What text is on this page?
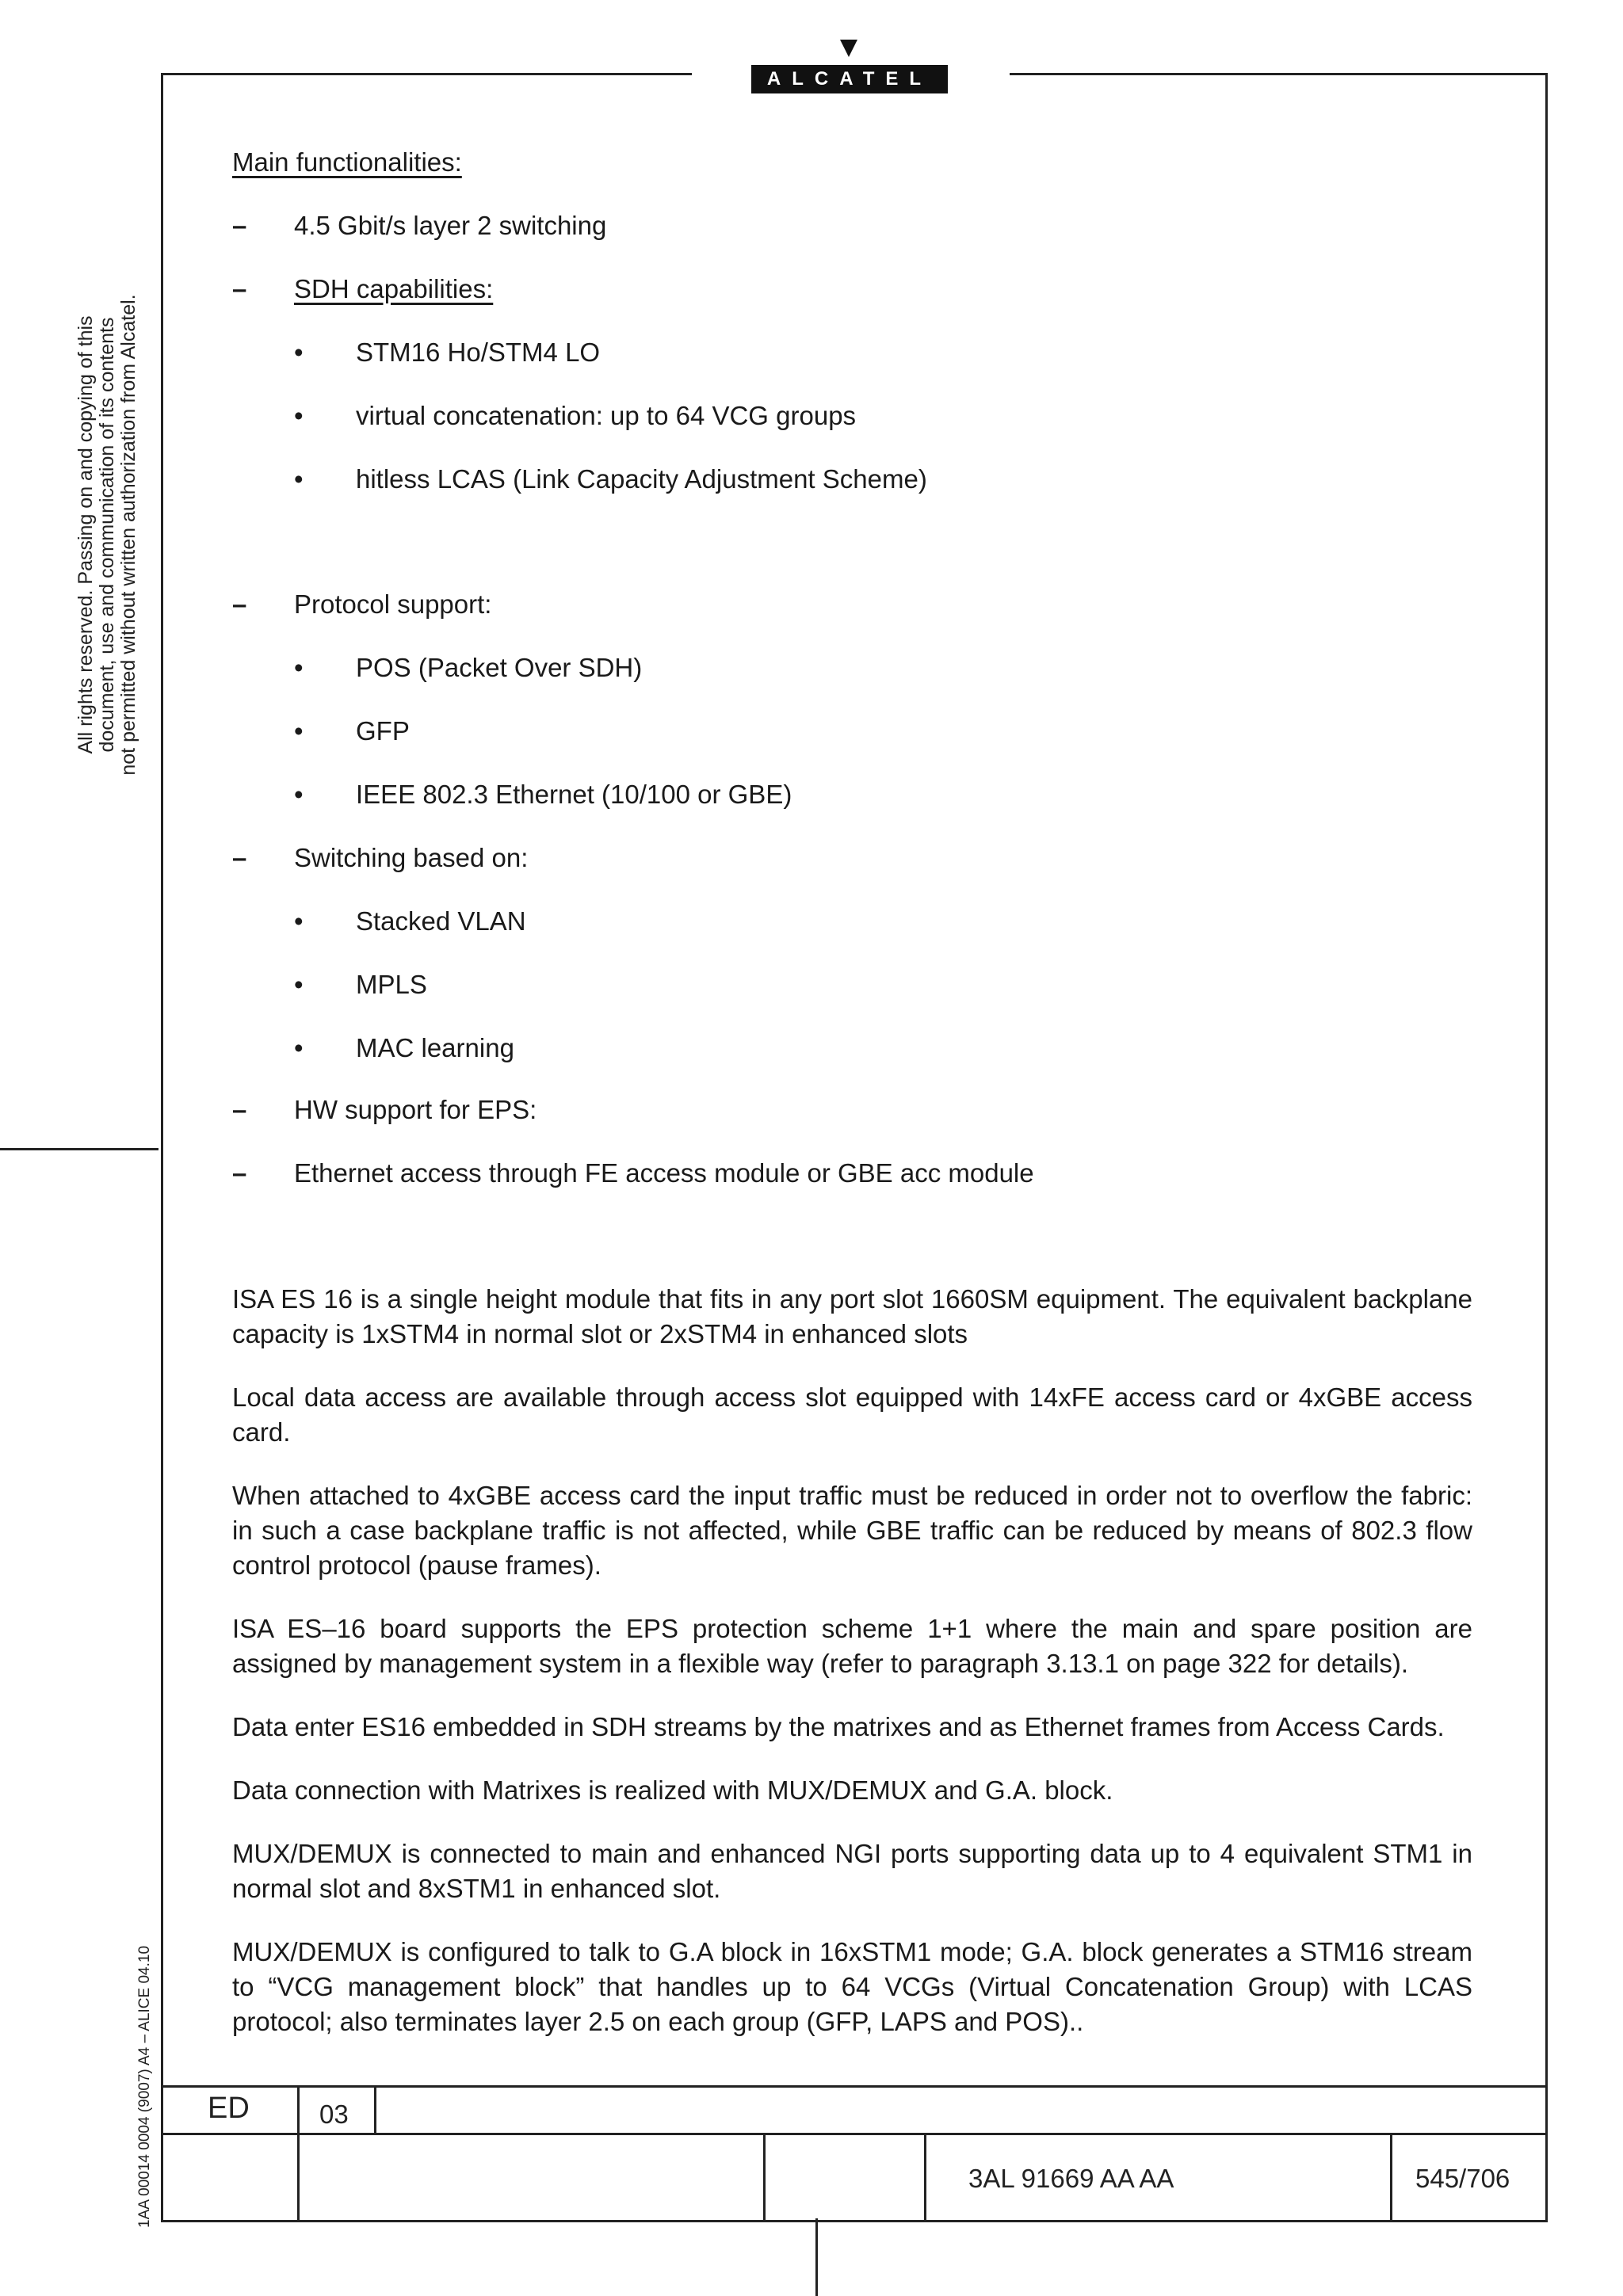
ALCATEL
All rights reserved. Passing on and copying of this document, use and communication of its contents not permitted without written authorization from Alcatel.
1AA 00014 0004 (9007) A4 – ALICE 04.10
Main functionalities:
– 4.5 Gbit/s layer 2 switching
– SDH capabilities:
• STM16 Ho/STM4 LO
• virtual concatenation: up to 64 VCG groups
• hitless LCAS (Link Capacity Adjustment Scheme)
– Protocol support:
• POS (Packet Over SDH)
• GFP
• IEEE 802.3 Ethernet (10/100 or GBE)
– Switching based on:
• Stacked VLAN
• MPLS
• MAC learning
– HW support for EPS:
– Ethernet access through FE access module or GBE acc module
ISA ES 16 is a single height module that fits in any port slot 1660SM equipment. The equivalent backplane capacity is 1xSTM4 in normal slot or 2xSTM4 in enhanced slots
Local data access are available through access slot equipped with 14xFE access card or 4xGBE access card.
When attached to 4xGBE access card the input traffic must be reduced in order not to overflow the fabric: in such a case backplane traffic is not affected, while GBE traffic can be reduced by means of 802.3 flow control protocol (pause frames).
ISA ES–16 board supports the EPS protection scheme 1+1 where the main and spare position are assigned by management system in a flexible way (refer to paragraph 3.13.1 on page 322 for details).
Data enter ES16 embedded in SDH streams by the matrixes and as Ethernet frames from Access Cards.
Data connection with Matrixes is realized with MUX/DEMUX and G.A. block.
MUX/DEMUX is connected to main and enhanced NGI ports supporting data up to 4 equivalent STM1 in normal slot and 8xSTM1 in enhanced slot.
MUX/DEMUX is configured to talk to G.A block in 16xSTM1 mode; G.A. block generates a STM16 stream to “VCG management block” that handles up to 64 VCGs (Virtual Concatenation Group) with LCAS protocol; also terminates layer 2.5 on each group (GFP, LAPS and POS)..
ED	03
3AL 91669 AA AA	545/706
